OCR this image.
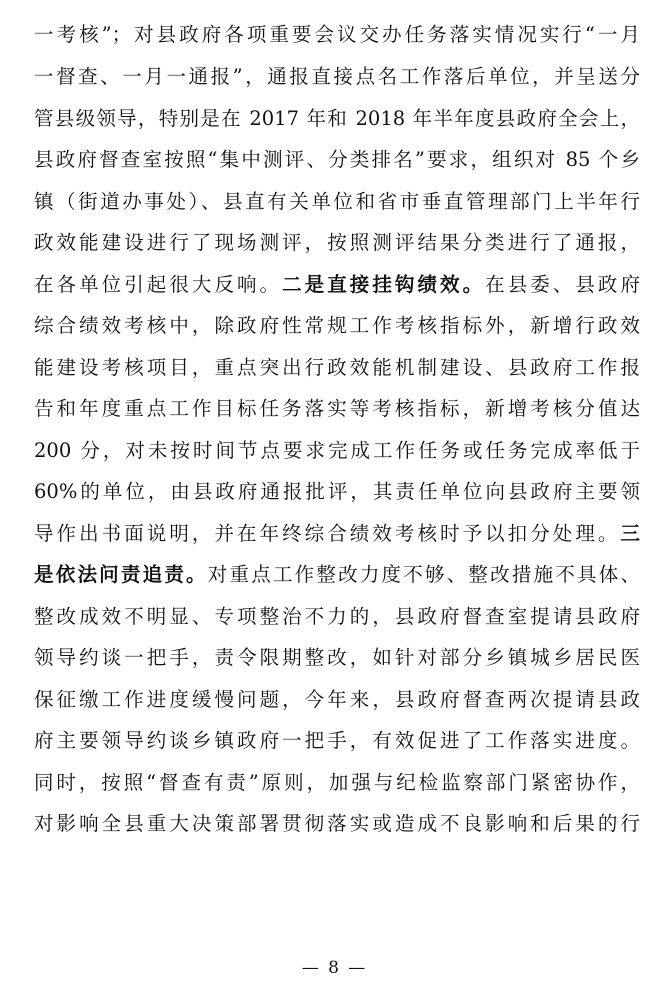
一考核”；对县政府各项重要会议交办任务落实情况实行“一月
一督查、一月一通报”，通报直接点名工作落后单位，并呈送分
管县级领导，特别是在 2017 年和 2018 年半年度县政府全会上，
县政府督查室按照“集中测评、分类排名”要求，组织对 85 个乡
镇（街道办事处）、县直有关单位和省市垂直管理部门上半年行
政效能建设进行了现场测评，按照测评结果分类进行了通报，
在各单位引起很大反响。二是直接挂钩绩效。在县委、县政府
综合绩效考核中，除政府性常规工作考核指标外，新增行政效
能建设考核项目，重点突出行政效能机制建设、县政府工作报
告和年度重点工作目标任务落实等考核指标，新增考核分值达
200 分，对未按时间节点要求完成工作任务或任务完成率低于
60%的单位，由县政府通报批评，其责任单位向县政府主要领
导作出书面说明，并在年终综合绩效考核时予以扣分处理。三
是依法问责追责。对重点工作整改力度不够、整改措施不具体、
整改成效不明显、专项整治不力的，县政府督查室提请县政府
领导约谈一把手，责令限期整改，如针对部分乡镇城乡居民医
保征缴工作进度缓慢问题，今年来，县政府督查两次提请县政
府主要领导约谈乡镇政府一把手，有效促进了工作落实进度。
同时，按照“督查有责”原则，加强与纪检监察部门紧密协作，
对影响全县重大决策部署贯彻落实或造成不良影响和后果的行
— 8 —
